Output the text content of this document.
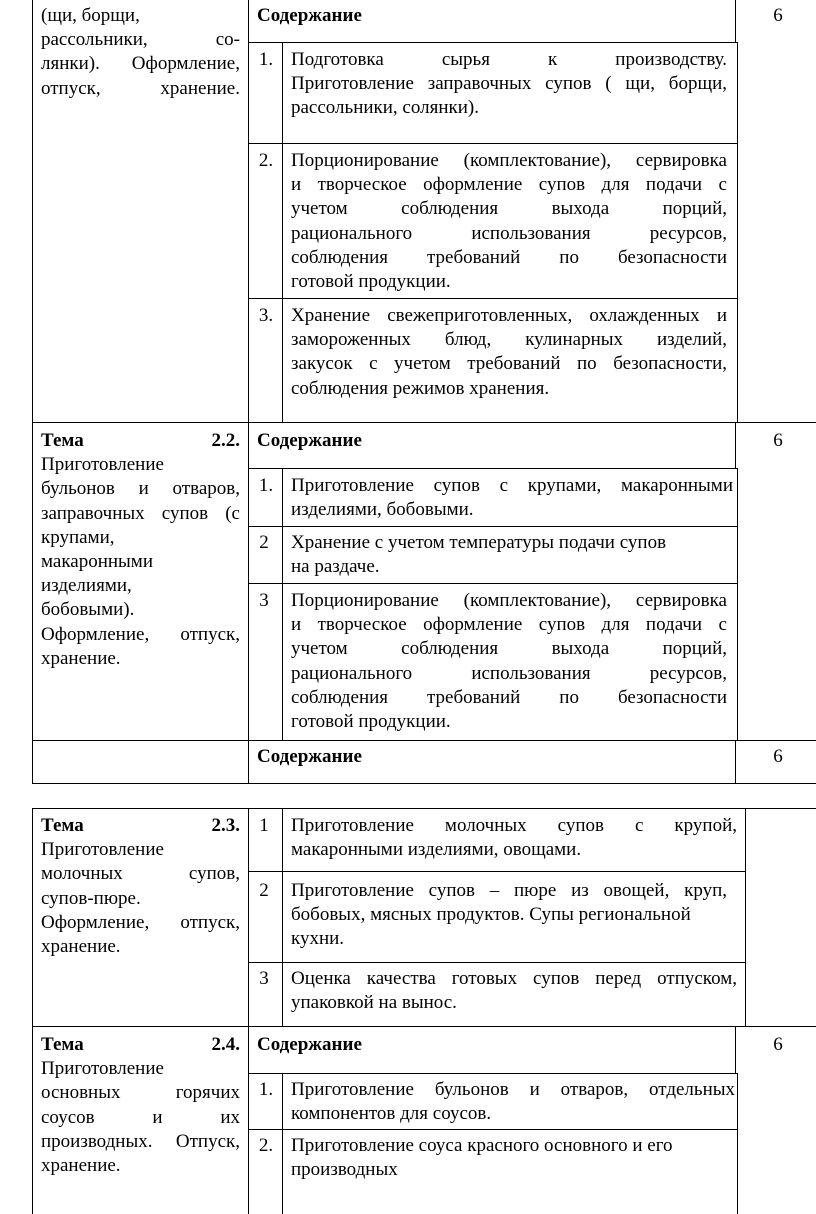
(щи, борщи,
рассольники, со-
лянки). Оформление,
отпуск, хранение.
Содержание	6
1. Подготовка сырья к производству.
Приготовление заправочных супов ( щи, борщи,
рассольники, солянки).
2. Порционирование (комплектование), сервировка
и творческое оформление супов для подачи с
учетом соблюдения выхода порций,
рационального использования ресурсов,
соблюдения требований по безопасности
готовой продукции.
3. Хранение свежеприготовленных, охлажденных и
замороженных блюд, кулинарных изделий,
закусок с учетом требований по безопасности,
соблюдения режимов хранения.
Тема	2.2.
Приготовление
бульонов и отваров,
заправочных супов (с
крупами,
макаронными
изделиями,
бобовыми).
Оформление, отпуск,
хранение.
Содержание	6
1. Приготовление супов с крупами, макаронными
изделиями, бобовыми.
2	Хранение с учетом температуры подачи супов
на раздаче.
3	Порционирование (комплектование), сервировка
и творческое оформление супов для подачи с
учетом соблюдения выхода порций,
рационального использования ресурсов,
соблюдения требований по безопасности
готовой продукции.
Содержание	6
Тема	2.3.
Приготовление
молочных супов,
супов-пюре.
Оформление, отпуск,
хранение.
1	Приготовление молочных супов с крупой,
макаронными изделиями, овощами.
2	Приготовление супов – пюре из овощей, круп,
бобовых, мясных продуктов. Супы региональной
кухни.
3	Оценка качества готовых супов перед отпуском,
упаковкой на вынос.
Тема	2.4.
Приготовление
основных горячих
соусов и их
производных. Отпуск,
хранение.
Содержание	6
1. Приготовление бульонов и отваров, отдельных
компонентов для соусов.
2. Приготовление соуса красного основного и его
производных
